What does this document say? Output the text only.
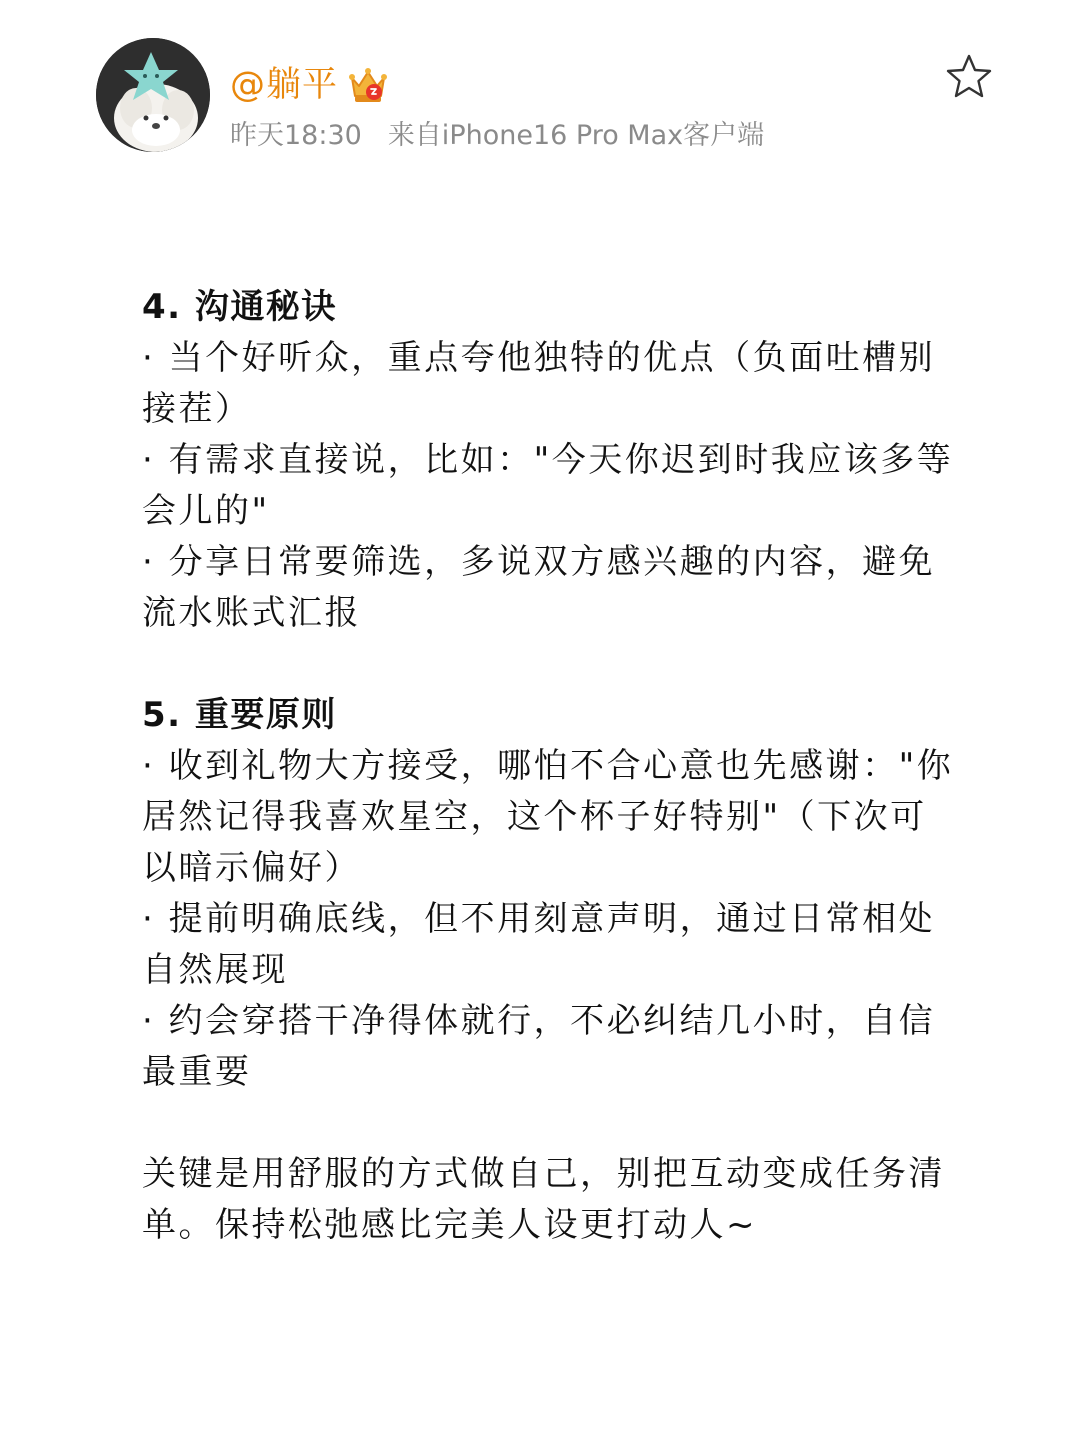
@躺平
昨天18:30 来自iPhone16 Pro Max客户端

4. 沟通秘诀

· 当个好听众，重点夸他独特的优点（负面吐槽别接茬）

· 有需求直接说，比如："今天你迟到时我应该多等会儿的"

· 分享日常要筛选，多说双方感兴趣的内容，避免流水账式汇报

5. 重要原则

· 收到礼物大方接受，哪怕不合心意也先感谢："你居然记得我喜欢星空，这个杯子好特别"（下次可以暗示偏好）

· 提前明确底线，但不用刻意声明，通过日常相处自然展现

· 约会穿搭干净得体就行，不必纠结几小时，自信最重要

关键是用舒服的方式做自己，别把互动变成任务清单。保持松弛感比完美人设更打动人~
